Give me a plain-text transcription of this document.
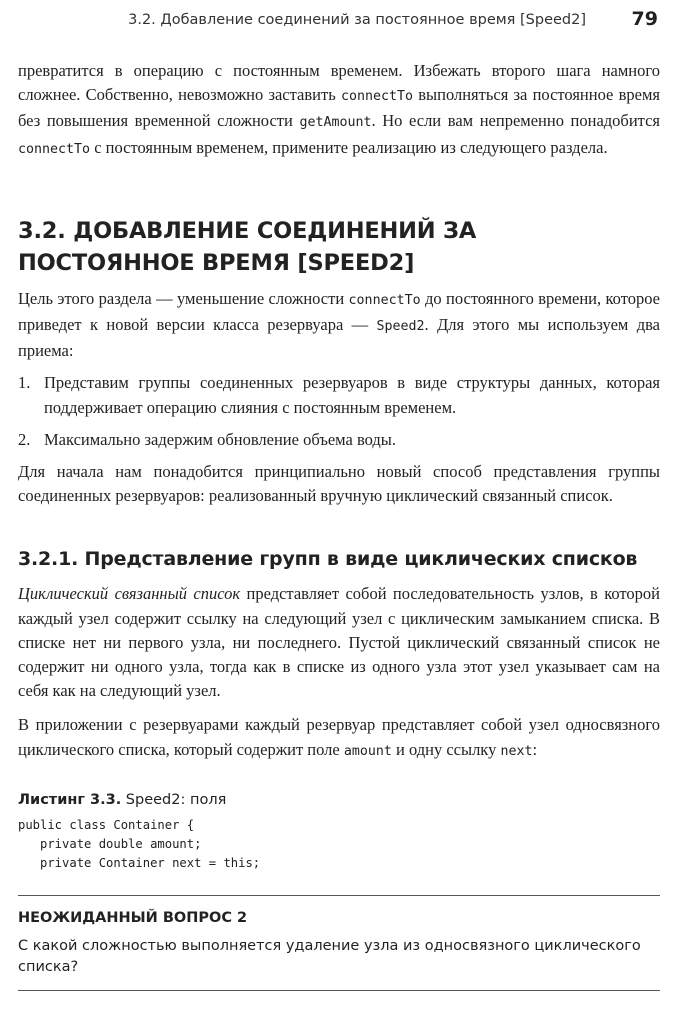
3.2. Добавление соединений за постоянное время [Speed2] 79

превратится в операцию с постоянным временем. Избежать второго шага намного сложнее. Собственно, невозможно заставить connectTo выполняться за постоянное время без повышения временной сложности getAmount. Но если вам непременно понадобится connectTo с постоянным временем, примените реализацию из следующего раздела.

3.2. ДОБАВЛЕНИЕ СОЕДИНЕНИЙ ЗА ПОСТОЯННОЕ ВРЕМЯ [SPEED2]

Цель этого раздела — уменьшение сложности connectTo до постоянного времени, которое приведет к новой версии класса резервуара — Speed2. Для этого мы используем два приема:

1. Представим группы соединенных резервуаров в виде структуры данных, которая поддерживает операцию слияния с постоянным временем.
2. Максимально задержим обновление объема воды.

Для начала нам понадобится принципиально новый способ представления группы соединенных резервуаров: реализованный вручную циклический связанный список.

3.2.1. Представление групп в виде циклических списков

Циклический связанный список представляет собой последовательность узлов, в которой каждый узел содержит ссылку на следующий узел с циклическим замыканием списка. В списке нет ни первого узла, ни последнего. Пустой циклический связанный список не содержит ни одного узла, тогда как в списке из одного узла этот узел указывает сам на себя как на следующий узел.

В приложении с резервуарами каждый резервуар представляет собой узел односвязного циклического списка, который содержит поле amount и одну ссылку next:

Листинг 3.3. Speed2: поля
public class Container {
private double amount;
private Container next = this;
НЕОЖИДАННЫЙ ВОПРОС 2
С какой сложностью выполняется удаление узла из односвязного циклического списка?
